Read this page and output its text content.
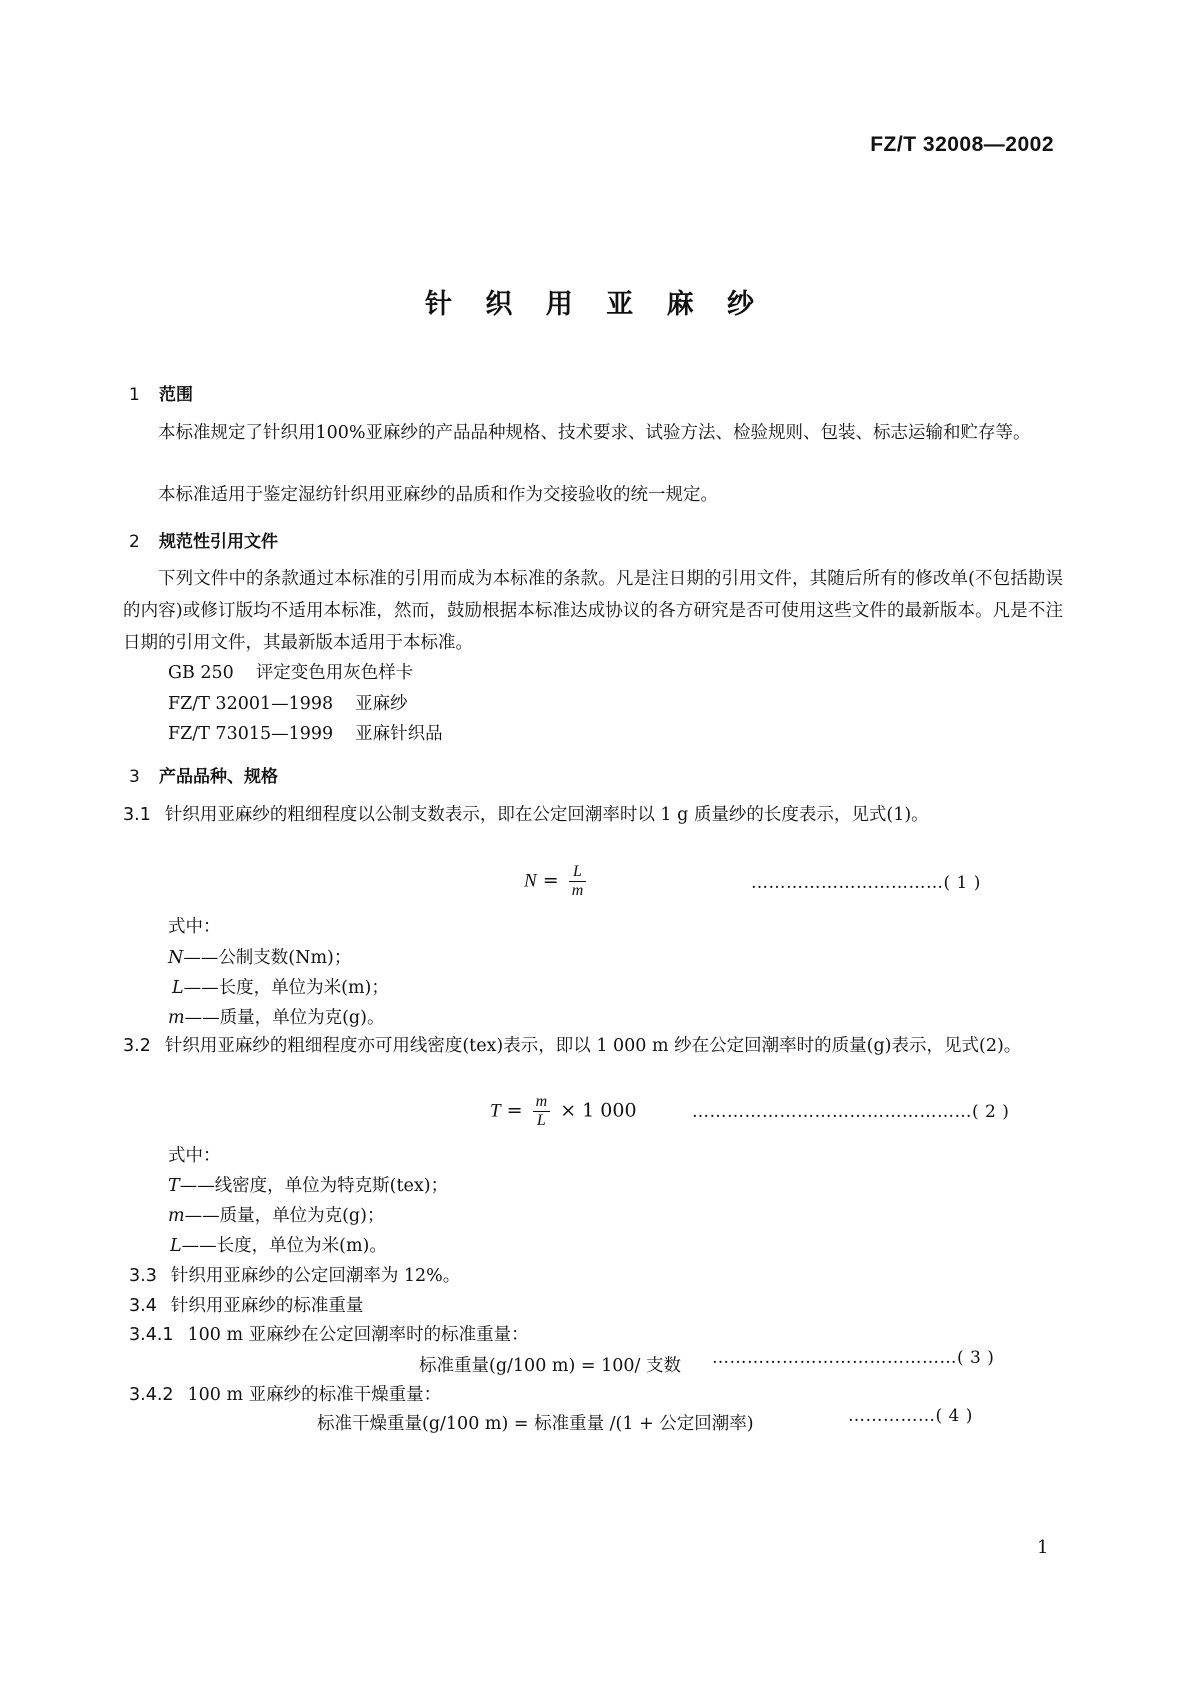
FZ/T 32008—2002
针 织 用 亚 麻 纱
1 范围
本标准规定了针织用100%亚麻纱的产品品种规格、技术要求、试验方法、检验规则、包装、标志运输和贮存等。
本标准适用于鉴定湿纺针织用亚麻纱的品质和作为交接验收的统一规定。
2 规范性引用文件
下列文件中的条款通过本标准的引用而成为本标准的条款。凡是注日期的引用文件，其随后所有的修改单(不包括勘误的内容)或修订版均不适用本标准，然而，鼓励根据本标准达成协议的各方研究是否可使用这些文件的最新版本。凡是不注日期的引用文件，其最新版本适用于本标准。
GB 250 评定变色用灰色样卡
FZ/T 32001—1998 亚麻纱
FZ/T 73015—1999 亚麻针织品
3 产品品种、规格
3.1 针织用亚麻纱的粗细程度以公制支数表示，即在公定回潮率时以 1 g 质量纱的长度表示，见式(1)。
$N = \frac{L}{m}$	……………………………( 1 )
式中：
N——公制支数(Nm)；
L——长度，单位为米(m)；
m——质量，单位为克(g)。
3.2 针织用亚麻纱的粗细程度亦可用线密度(tex)表示，即以 1 000 m 纱在公定回潮率时的质量(g)表示，见式(2)。
$T = \frac{m}{L} \times 1$ 000	…………………………………………( 2 )
式中：
T——线密度，单位为特克斯(tex)；
m——质量，单位为克(g)；
L——长度，单位为米(m)。
3.3 针织用亚麻纱的公定回潮率为 12%。
3.4 针织用亚麻纱的标准重量
3.4.1 100 m 亚麻纱在公定回潮率时的标准重量：
标准重量(g/100 m) = 100/ 支数 ……………………………………( 3 )
3.4.2 100 m 亚麻纱的标准干燥重量：
标准干燥重量(g/100 m) = 标准重量 /(1 + 公定回潮率)	……………( 4 )
1
